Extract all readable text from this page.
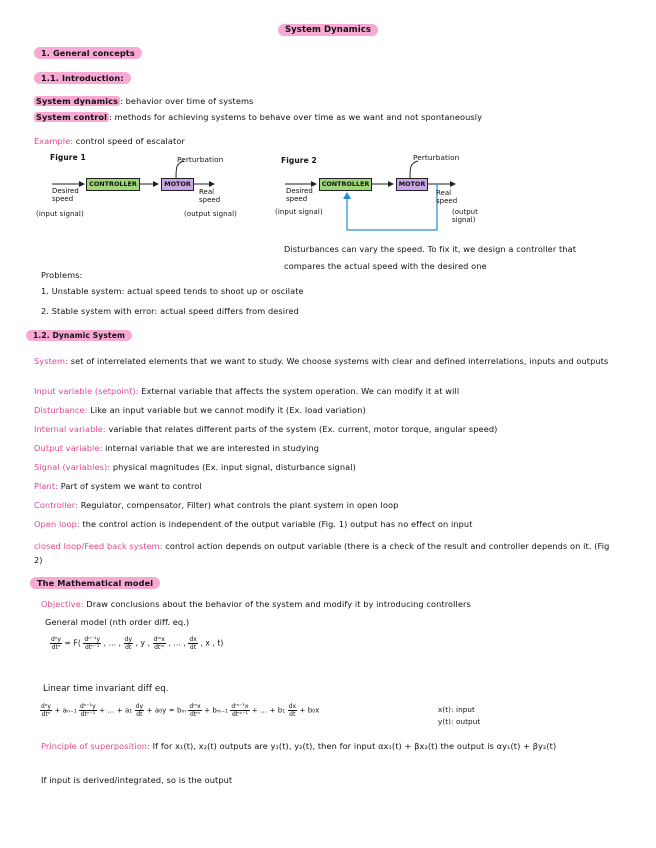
System Dynamics
1. General concepts
1.1. Introduction:
System dynamics : behavior over time of systems
System control : methods for achieving systems to behave over time as we want and not spontaneously
Example: control speed of escalator
Figure 1	Perturbation
Desired speed
(input signal)
CONTROLLER	MOTOR
Real speed
(output signal)
Figure 2	Perturbation
Desired speed
(input signal)
CONTROLLER	MOTOR
Real speed
(output signal)
Disturbances can vary the speed. To fix it, we design a controller that compares the actual speed with the desired one
Problems:
1. Unstable system: actual speed tends to shoot up or oscilate
2. Stable system with error: actual speed differs from desired
1.2. Dynamic System
System: set of interrelated elements that we want to study. We choose systems with clear and defined interrelations, inputs and outputs
Input variable (setpoint): External variable that affects the system operation. We can modify it at will
Disturbance: Like an input variable but we cannot modify it (Ex. load variation)
Internal variable: variable that relates different parts of the system (Ex. current, motor torque, angular speed)
Output variable: internal variable that we are interested in studying
Signal (variables): physical magnitudes (Ex. input signal, disturbance signal)
Plant: Part of system we want to control
Controller: Regulator, compensator, Filter) what controls the plant system in open loop
Open loop: the control action is independent of the output variable (Fig. 1) output has no effect on input
closed loop/Feed back system: control action depends on output variable (there is a check of the result and controller depends on it. (Fig 2)
The Mathematical model
Objective: Draw conclusions about the behavior of the system and modify it by introducing controllers
General model (nth order diff. eq.)
$\frac{\text{dⁿy}}{\text{dtⁿ}} = F( \frac{\text{dⁿ⁻¹y}}{\text{dtⁿ⁻¹}}$ , ... , $\frac{dy}{dt}$ , y , $\frac{\text{dᵐx}}{\text{dtᵐ}}$ , ... , $\frac{dx}{dt}$ , x , t)
Linear time invariant diff eq.
$\frac{\text{dⁿy}}{\text{dtⁿ}} + a_{n-1} \frac{\text{dⁿ⁻¹y}}{\text{dtⁿ⁻¹}}$ + ... + $a_1 \frac{dy}{dt} + a_0y = b_m \frac{\text{dᵐx}}{\text{dtᵐ}} + b_{m-1} \frac{\text{dᵐ⁻¹x}}{\text{dtᵐ⁻¹}}$ + ... + $b_1 \frac{dx}{dt} + b_0x$	x(t): input
y(t): output
Principle of superposition: If for x₁(t), x₂(t) outputs are y₁(t), y₂(t), then for input αx₁(t) + βx₂(t) the output is αy₁(t) + βy₂(t)
If input is derived/integrated, so is the output
